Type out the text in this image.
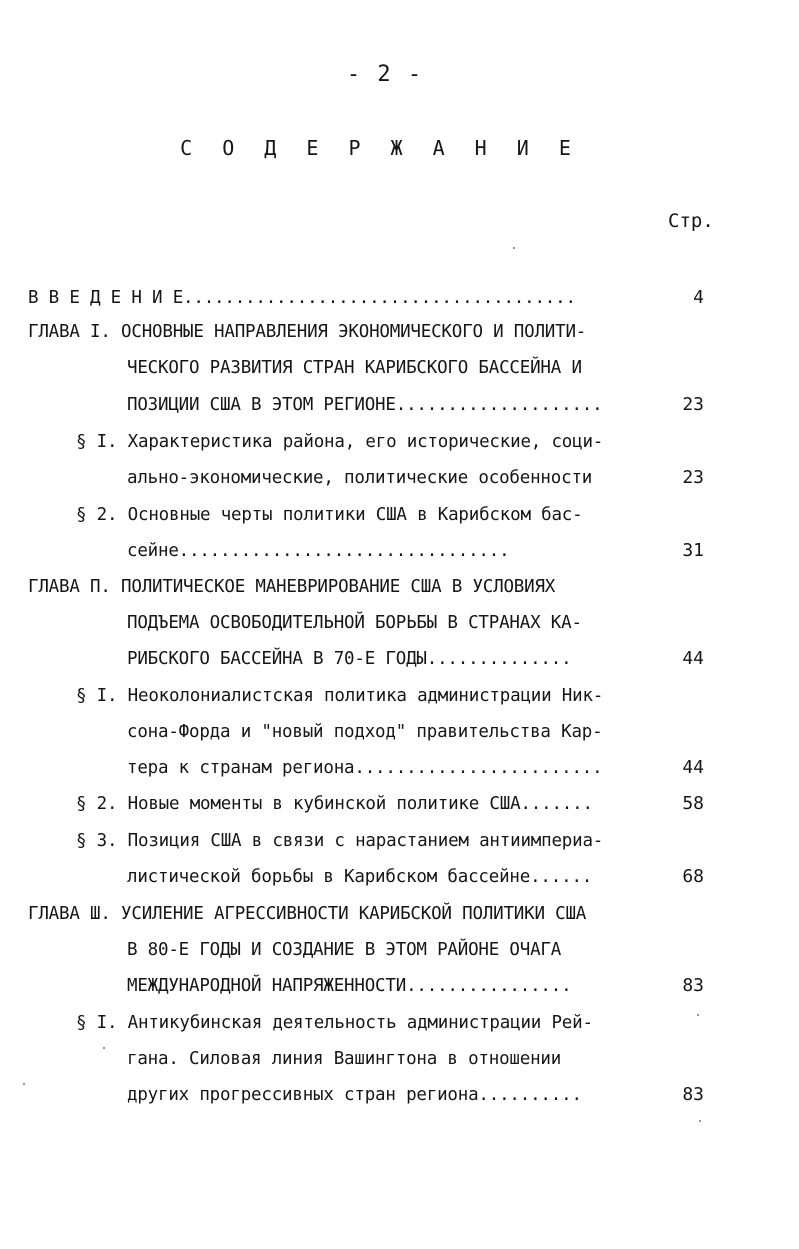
- 2 -
С О Д Е Р Ж А Н И Е
Стр.
В В Е Д Е Н И Е......................................	4
ГЛАВА I. ОСНОВНЫЕ НАПРАВЛЕНИЯ ЭКОНОМИЧЕСКОГО И ПОЛИТИ-
ЧЕСКОГО РАЗВИТИЯ СТРАН КАРИБСКОГО БАССЕЙНА И
ПОЗИЦИИ США В ЭТОМ РЕГИОНЕ....................	23
§ I. Характеристика района, его исторические, соци-
ально-экономические, политические особенности	23
§ 2. Основные черты политики США в Карибском бас-
сейне................................	31
ГЛАВА П. ПОЛИТИЧЕСКОЕ МАНЕВРИРОВАНИЕ США В УСЛОВИЯХ
ПОДЪЕМА ОСВОБОДИТЕЛЬНОЙ БОРЬБЫ В СТРАНАХ КА-
РИБСКОГО БАССЕЙНА В 70-Е ГОДЫ..............	44
§ I. Неоколониалистская политика администрации Ник-
сона-Форда и "новый подход" правительства Кар-
тера к странам региона........................	44
§ 2. Новые моменты в кубинской политике США.......	58
§ 3. Позиция США в связи с нарастанием антиимпериа-
листической борьбы в Карибском бассейне......	68
ГЛАВА Ш. УСИЛЕНИЕ АГРЕССИВНОСТИ КАРИБСКОЙ ПОЛИТИКИ США
В 80-Е ГОДЫ И СОЗДАНИЕ В ЭТОМ РАЙОНЕ ОЧАГА
МЕЖДУНАРОДНОЙ НАПРЯЖЕННОСТИ................	83
§ I. Антикубинская деятельность администрации Рей-
гана. Силовая линия Вашингтона в отношении
других прогрессивных стран региона..........	83
